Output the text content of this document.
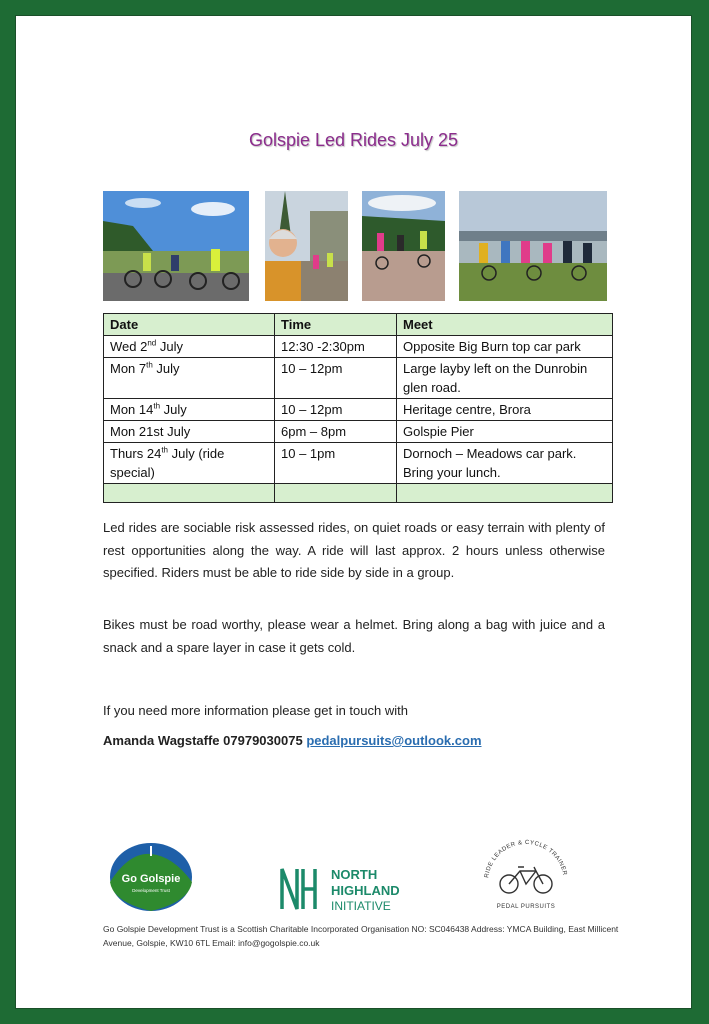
Golspie Led Rides July 25
Date	Time	Meet
Wed 2nd July	12:30 -2:30pm	Opposite Big Burn top car park
Mon 7th July	10 – 12pm	Large layby left on the Dunrobin glen road.
Mon 14th July	10 – 12pm	Heritage centre, Brora
Mon 21st July	6pm – 8pm	Golspie Pier
Thurs 24th July (ride special)	10 – 1pm	Dornoch – Meadows car park. Bring your lunch.

Led rides are sociable risk assessed rides, on quiet roads or easy terrain with plenty of rest opportunities along the way. A ride will last approx. 2 hours unless otherwise specified. Riders must be able to ride side by side in a group.
Bikes must be road worthy, please wear a helmet. Bring along a bag with juice and a snack and a spare layer in case it gets cold.
If you need more information please get in touch with
Amanda Wagstaffe 07979030075 pedalpursuits@outlook.com
Go Golspie
Development Trust
NORTH
HIGHLAND
INITIATIVE
RIDE LEADER & CYCLE TRAINER
PEDAL PURSUITS
Go Golspie Development Trust is a Scottish Charitable Incorporated Organisation NO: SC046438 Address: YMCA Building, East Millicent Avenue, Golspie, KW10 6TL Email: info@gogolspie.co.uk
